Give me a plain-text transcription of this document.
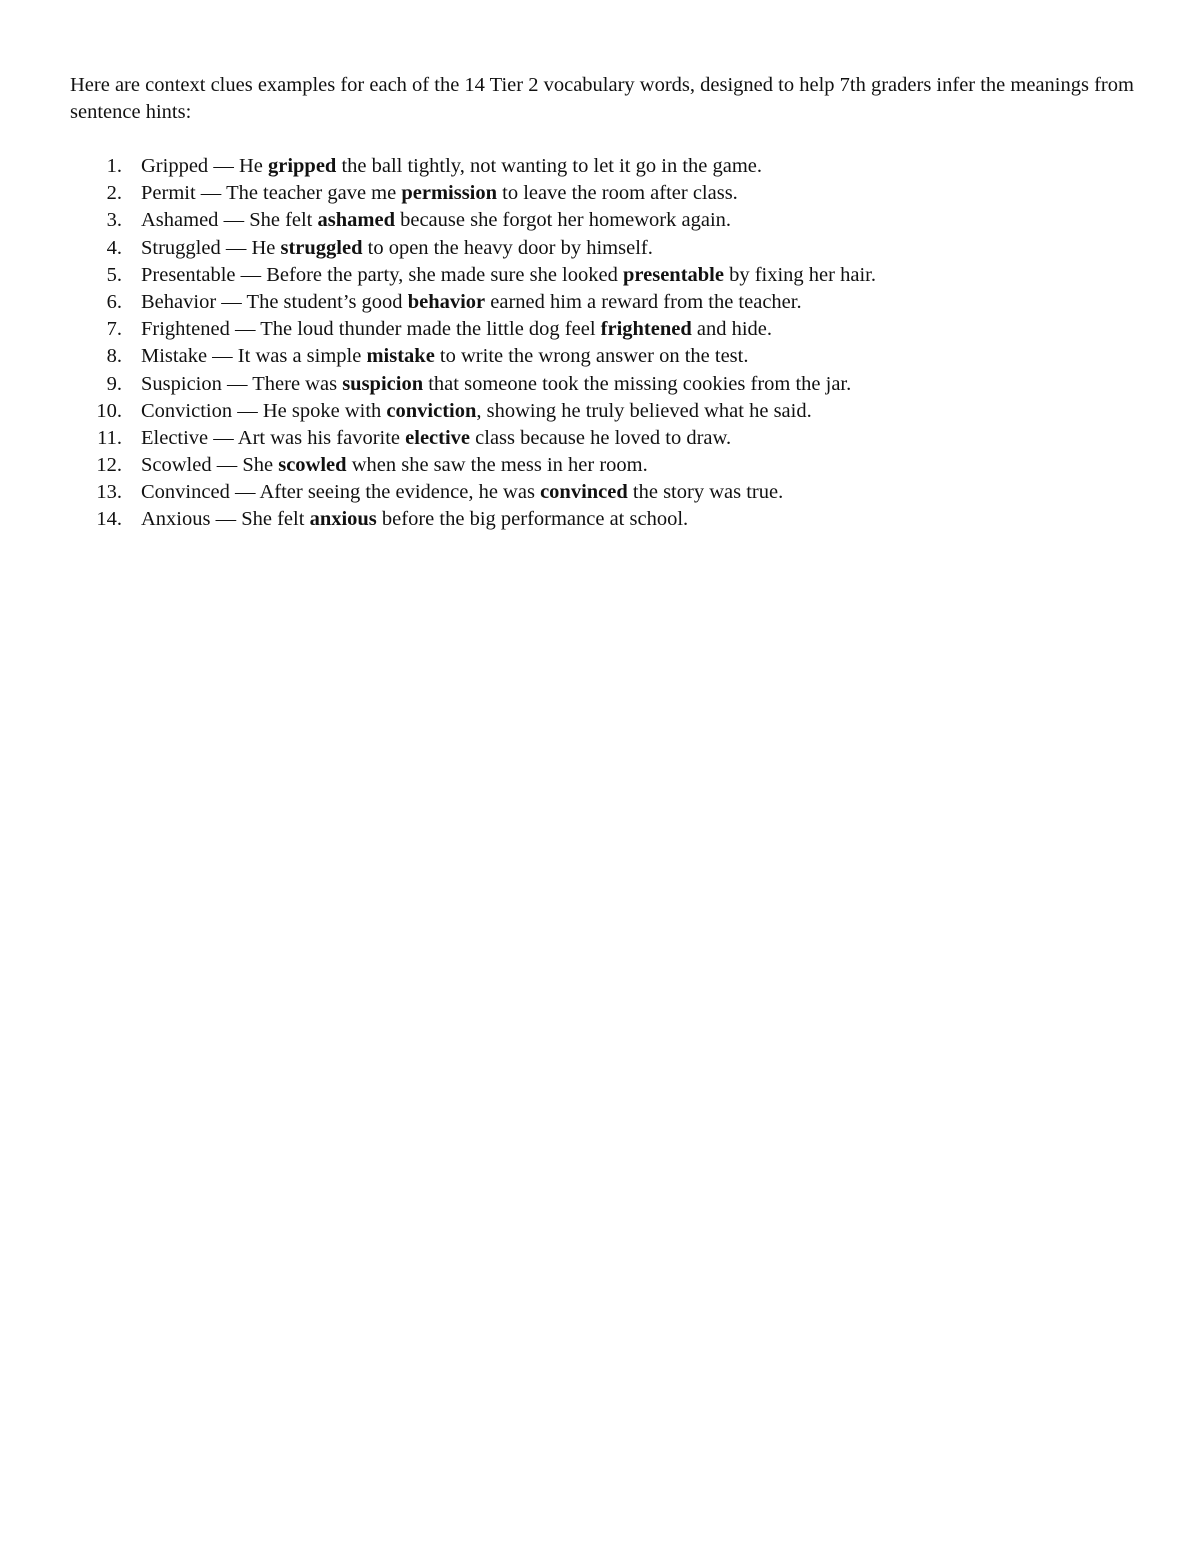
Here are context clues examples for each of the 14 Tier 2 vocabulary words, designed to help 7th graders infer the meanings from sentence hints:

1. Gripped — He gripped the ball tightly, not wanting to let it go in the game.
2. Permit — The teacher gave me permission to leave the room after class.
3. Ashamed — She felt ashamed because she forgot her homework again.
4. Struggled — He struggled to open the heavy door by himself.
5. Presentable — Before the party, she made sure she looked presentable by fixing her hair.
6. Behavior — The student’s good behavior earned him a reward from the teacher.
7. Frightened — The loud thunder made the little dog feel frightened and hide.
8. Mistake — It was a simple mistake to write the wrong answer on the test.
9. Suspicion — There was suspicion that someone took the missing cookies from the jar.
10. Conviction — He spoke with conviction, showing he truly believed what he said.
11. Elective — Art was his favorite elective class because he loved to draw.
12. Scowled — She scowled when she saw the mess in her room.
13. Convinced — After seeing the evidence, he was convinced the story was true.
14. Anxious — She felt anxious before the big performance at school.
